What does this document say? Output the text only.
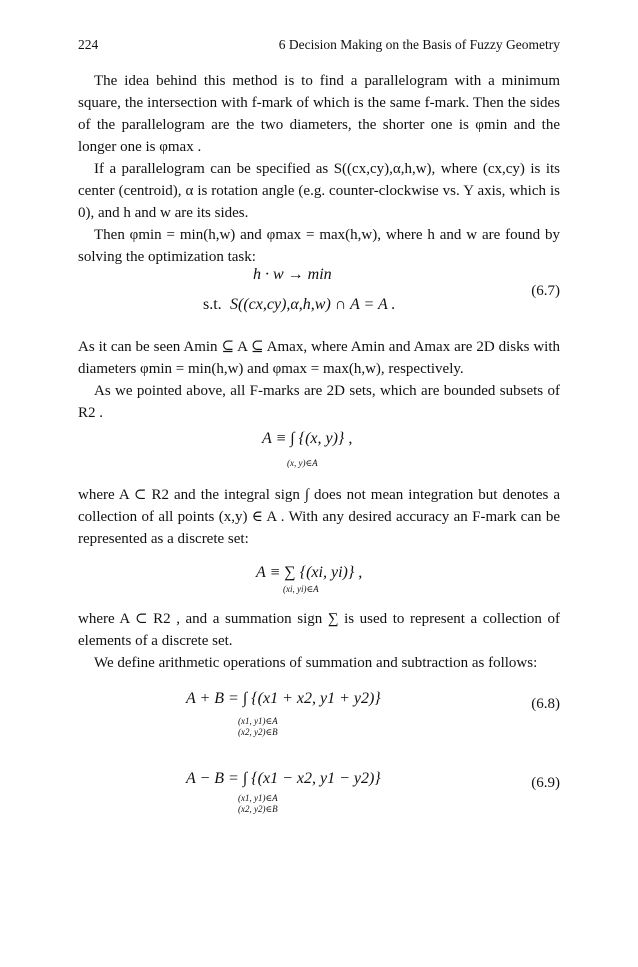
224	6 Decision Making on the Basis of Fuzzy Geometry
The idea behind this method is to find a parallelogram with a minimum square, the intersection with f-mark of which is the same f-mark. Then the sides of the parallelogram are the two diameters, the shorter one is φmin and the longer one is φmax .
If a parallelogram can be specified as S((cx,cy),α,h,w), where (cx,cy) is its center (centroid), α is rotation angle (e.g. counter-clockwise vs. Y axis, which is 0), and h and w are its sides.
Then φmin = min(h,w) and φmax = max(h,w), where h and w are found by solving the optimization task:
h · w → min
s.t. S((cx,cy),α,h,w) ∩ A = A .
(6.7)
As it can be seen Amin ⊆ A ⊆ Amax, where Amin and Amax are 2D disks with diameters φmin = min(h,w) and φmax = max(h,w), respectively.
As we pointed above, all F-marks are 2D sets, which are bounded subsets of R2 .
A ≡ ∫ {(x, y)} ,
(x, y)∈A
where A ⊂ R2 and the integral sign ∫ does not mean integration but denotes a collection of all points (x,y) ∈ A . With any desired accuracy an F-mark can be represented as a discrete set:
A ≡ ∑ {(xi, yi)} ,
(xi, yi)∈A
where A ⊂ R2 , and a summation sign ∑ is used to represent a collection of elements of a discrete set.
We define arithmetic operations of summation and subtraction as follows:
A + B = ∫ {(x1 + x2, y1 + y2)}
(x1, y1)∈A
(x2, y2)∈B
(6.8)
A − B = ∫ {(x1 − x2, y1 − y2)}
(x1, y1)∈A
(x2, y2)∈B
(6.9)
